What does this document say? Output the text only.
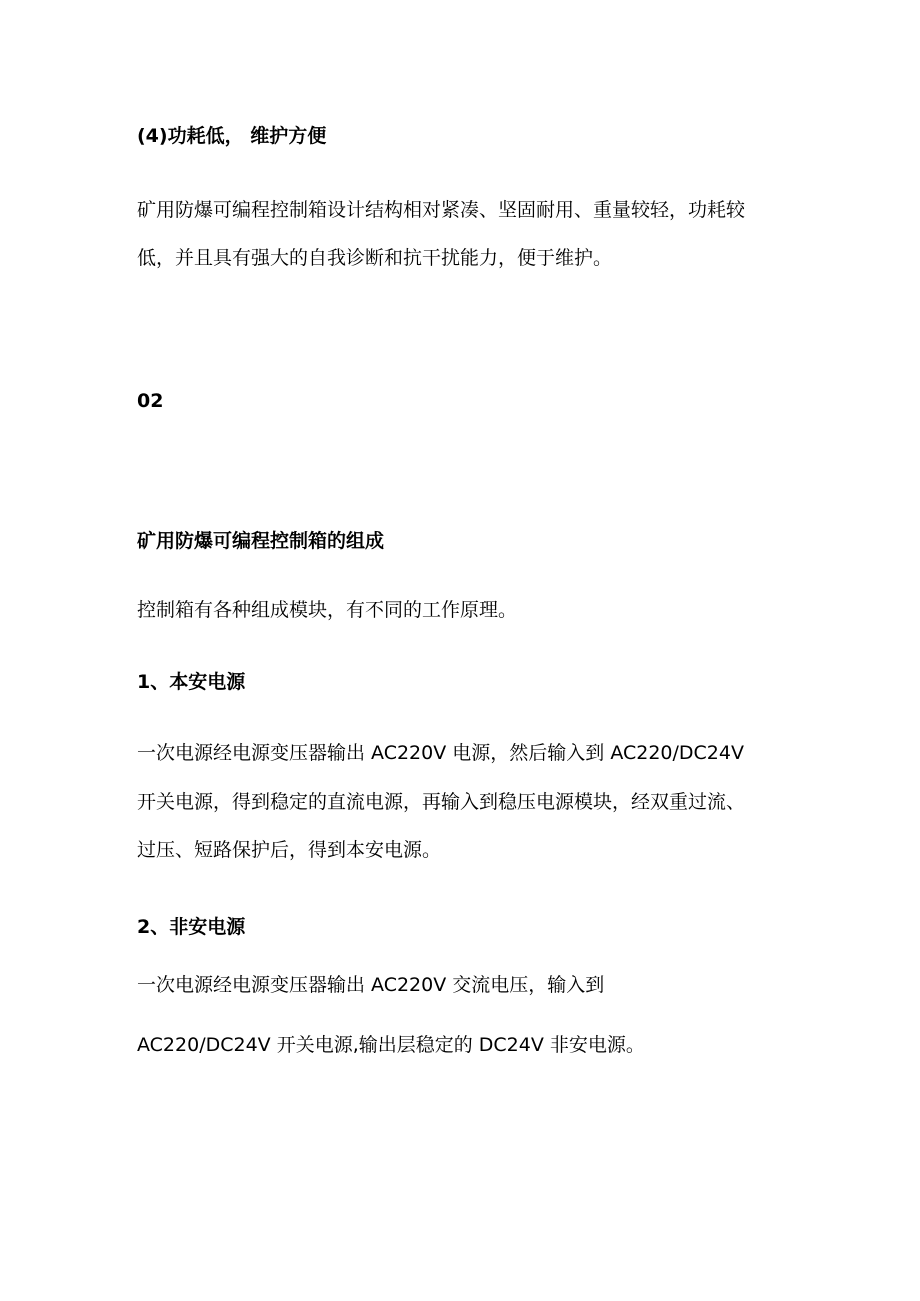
(4)功耗低， 维护方便
矿用防爆可编程控制箱设计结构相对紧凑、坚固耐用、重量较轻，功耗较
低，并且具有强大的自我诊断和抗干扰能力，便于维护。
02
矿用防爆可编程控制箱的组成
控制箱有各种组成模块，有不同的工作原理。
1、本安电源
一次电源经电源变压器输出 AC220V 电源，然后输入到 AC220/DC24V
开关电源，得到稳定的直流电源，再输入到稳压电源模块，经双重过流、
过压、短路保护后，得到本安电源。
2、非安电源
一次电源经电源变压器输出 AC220V 交流电压，输入到
AC220/DC24V 开关电源,输出层稳定的 DC24V 非安电源。
